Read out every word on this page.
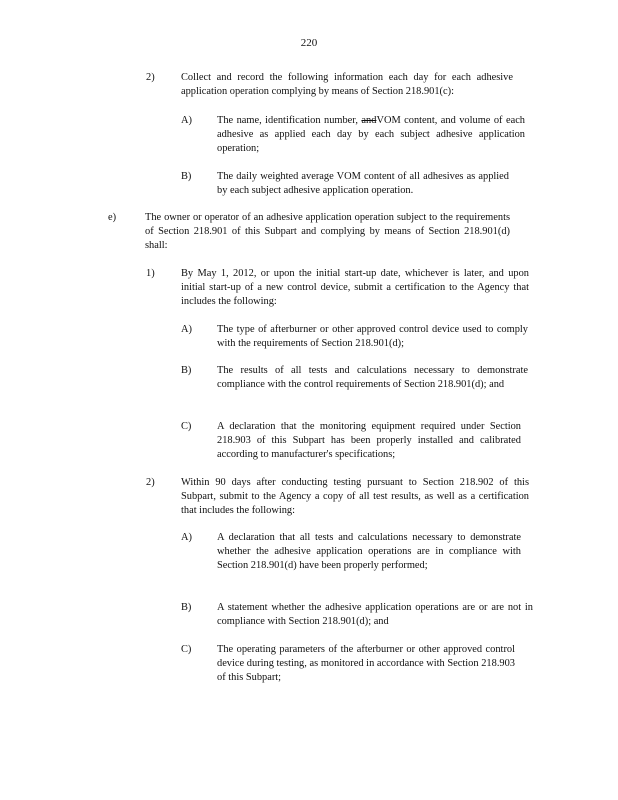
220
2)	Collect and record the following information each day for each adhesive application operation complying by means of Section 218.901(c):
A) The name, identification number, andVOM content, and volume of each adhesive as applied each day by each subject adhesive application operation;
B) The daily weighted average VOM content of all adhesives as applied by each subject adhesive application operation.
e)	The owner or operator of an adhesive application operation subject to the requirements of Section 218.901 of this Subpart and complying by means of Section 218.901(d) shall:
1)	By May 1, 2012, or upon the initial start-up date, whichever is later, and upon initial start-up of a new control device, submit a certification to the Agency that includes the following:
A) The type of afterburner or other approved control device used to comply with the requirements of Section 218.901(d);
B) The results of all tests and calculations necessary to demonstrate compliance with the control requirements of Section 218.901(d); and
C) A declaration that the monitoring equipment required under Section 218.903 of this Subpart has been properly installed and calibrated according to manufacturer's specifications;
2)	Within 90 days after conducting testing pursuant to Section 218.902 of this Subpart, submit to the Agency a copy of all test results, as well as a certification that includes the following:
A) A declaration that all tests and calculations necessary to demonstrate whether the adhesive application operations are in compliance with Section 218.901(d) have been properly performed;
B) A statement whether the adhesive application operations are or are not in compliance with Section 218.901(d); and
C) The operating parameters of the afterburner or other approved control device during testing, as monitored in accordance with Section 218.903 of this Subpart;
